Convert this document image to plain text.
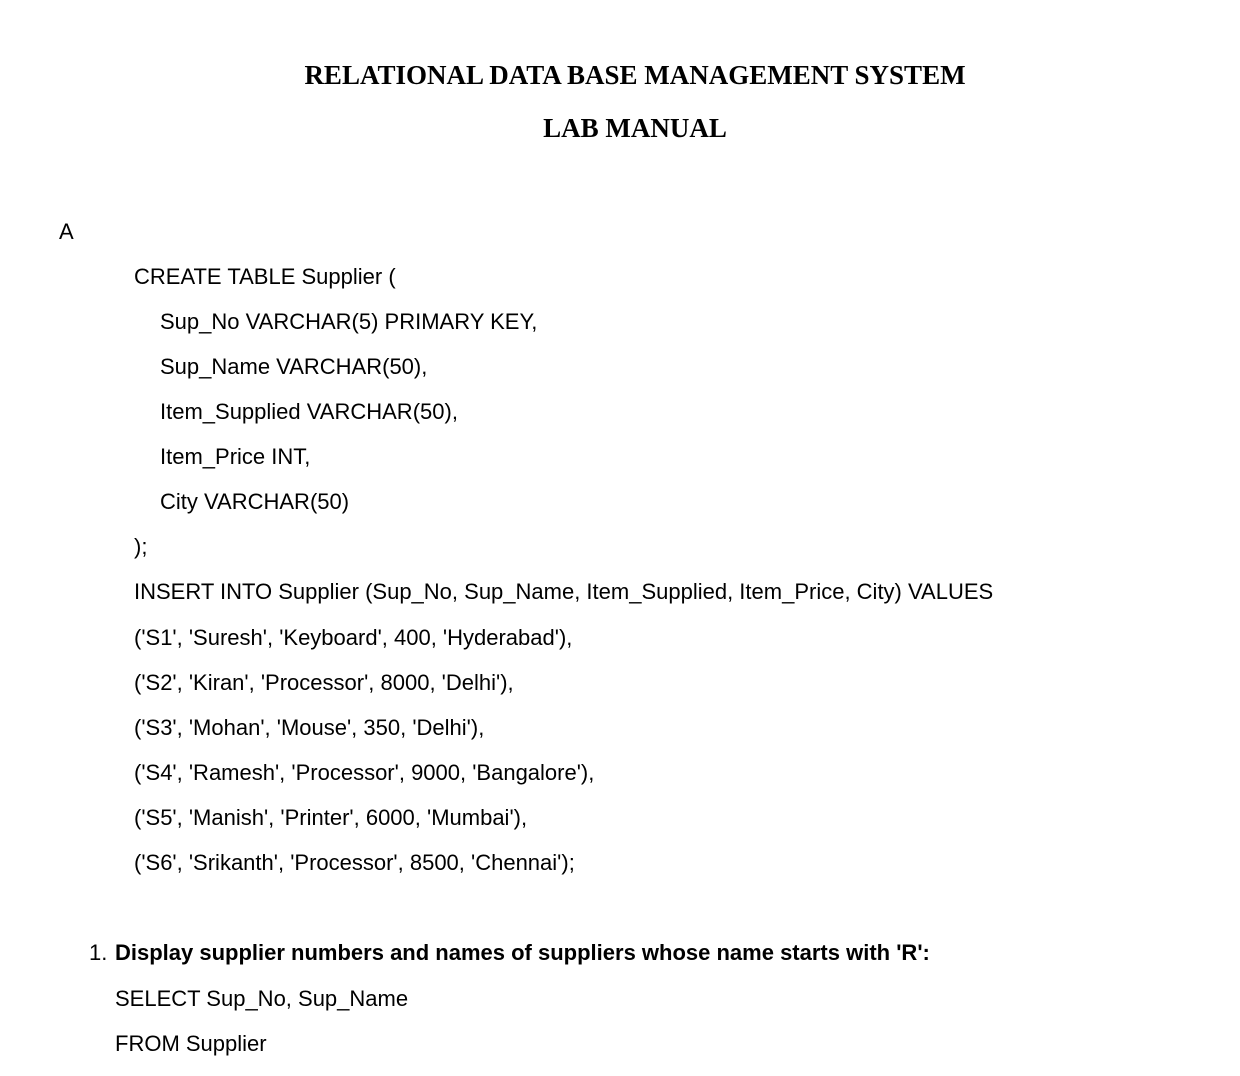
RELATIONAL DATA BASE MANAGEMENT SYSTEM
LAB MANUAL
A
CREATE TABLE Supplier (
Sup_No VARCHAR(5) PRIMARY KEY,
Sup_Name VARCHAR(50),
Item_Supplied VARCHAR(50),
Item_Price INT,
City VARCHAR(50)
);
INSERT INTO Supplier (Sup_No, Sup_Name, Item_Supplied, Item_Price, City) VALUES
('S1', 'Suresh', 'Keyboard', 400, 'Hyderabad'),
('S2', 'Kiran', 'Processor', 8000, 'Delhi'),
('S3', 'Mohan', 'Mouse', 350, 'Delhi'),
('S4', 'Ramesh', 'Processor', 9000, 'Bangalore'),
('S5', 'Manish', 'Printer', 6000, 'Mumbai'),
('S6', 'Srikanth', 'Processor', 8500, 'Chennai');
1. Display supplier numbers and names of suppliers whose name starts with 'R':
SELECT Sup_No, Sup_Name
FROM Supplier
